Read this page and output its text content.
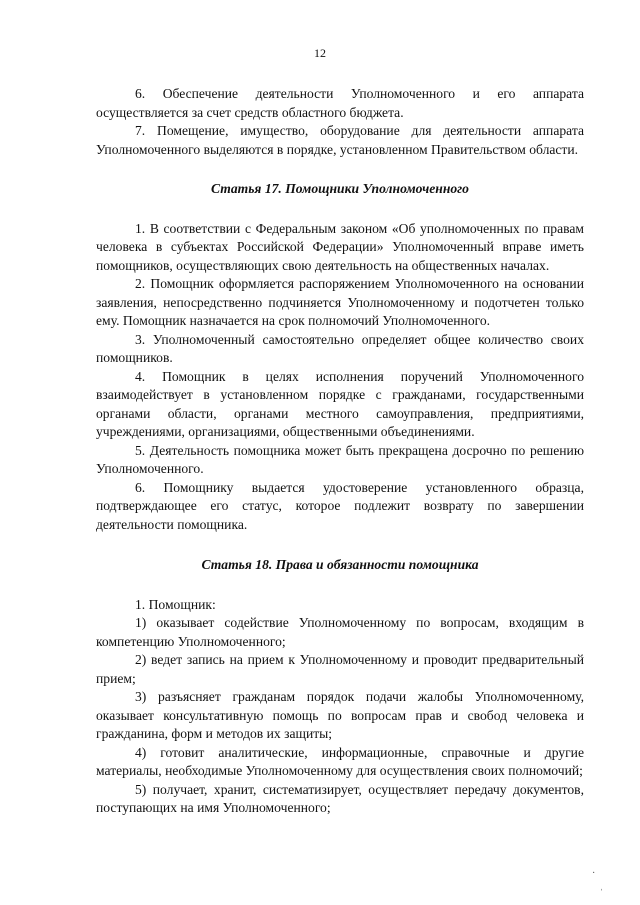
12

6. Обеспечение деятельности Уполномоченного и его аппарата осуществляется за счет средств областного бюджета.

7. Помещение, имущество, оборудование для деятельности аппарата Уполномоченного выделяются в порядке, установленном Правительством области.

Статья 17. Помощники Уполномоченного

1. В соответствии с Федеральным законом «Об уполномоченных по правам человека в субъектах Российской Федерации» Уполномоченный вправе иметь помощников, осуществляющих свою деятельность на общественных началах.

2. Помощник оформляется распоряжением Уполномоченного на основании заявления, непосредственно подчиняется Уполномоченному и подотчетен только ему. Помощник назначается на срок полномочий Уполномоченного.

3. Уполномоченный самостоятельно определяет общее количество своих помощников.

4. Помощник в целях исполнения поручений Уполномоченного взаимодействует в установленном порядке с гражданами, государственными органами области, органами местного самоуправления, предприятиями, учреждениями, организациями, общественными объединениями.

5. Деятельность помощника может быть прекращена досрочно по решению Уполномоченного.

6. Помощнику выдается удостоверение установленного образца, подтверждающее его статус, которое подлежит возврату по завершении деятельности помощника.

Статья 18. Права и обязанности помощника

1. Помощник:

1) оказывает содействие Уполномоченному по вопросам, входящим в компетенцию Уполномоченного;

2) ведет запись на прием к Уполномоченному и проводит предварительный прием;

3) разъясняет гражданам порядок подачи жалобы Уполномоченному, оказывает консультативную помощь по вопросам прав и свобод человека и гражданина, форм и методов их защиты;

4) готовит аналитические, информационные, справочные и другие материалы, необходимые Уполномоченному для осуществления своих полномочий;

5) получает, хранит, систематизирует, осуществляет передачу документов, поступающих на имя Уполномоченного;

·
ˌ
